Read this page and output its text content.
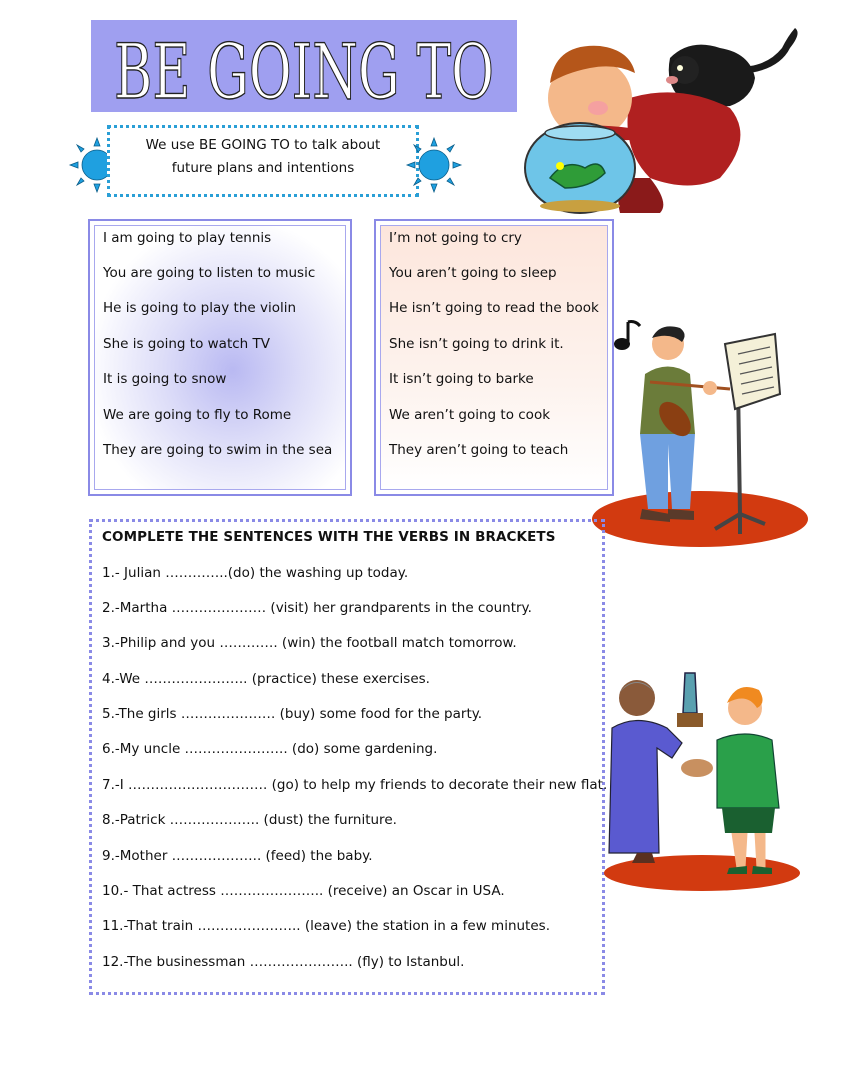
BE GOING TO
We use BE GOING TO to talk about
future plans and intentions
I am going to play tennis
You are going to listen to music
He is going to play the violin
She is going to watch TV
It is going to snow
We are going to fly to Rome
They are going to swim in the sea
I’m not going to cry
You aren’t going to sleep
He isn’t going to read the book
She isn’t going to drink it.
It isn’t going to barke
We aren’t going to cook
They aren’t going to teach
COMPLETE THE SENTENCES WITH THE VERBS IN BRACKETS
1.- Julian …………..(do) the washing up today.
2.-Martha ………………… (visit) her grandparents in the country.
3.-Philip and you …………. (win) the football match tomorrow.
4.-We ………………….. (practice) these exercises.
5.-The girls ………………… (buy) some food for the party.
6.-My uncle ………………….. (do) some gardening.
7.-I …………………………. (go) to help my friends to decorate their new flat.
8.-Patrick ……………….. (dust) the furniture.
9.-Mother ……………….. (feed) the baby.
10.- That actress ………………….. (receive) an Oscar in USA.
11.-That train ………………….. (leave) the station in a few minutes.
12.-The businessman ………………….. (fly) to Istanbul.
